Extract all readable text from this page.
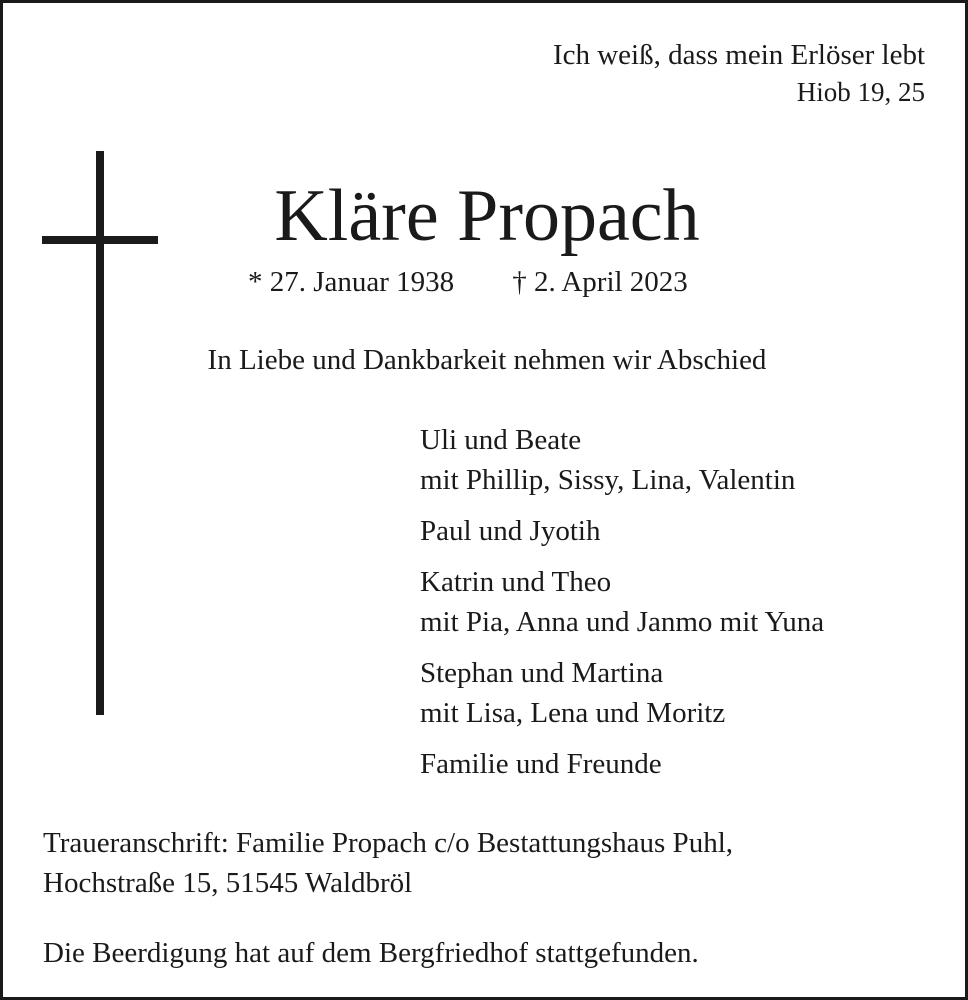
Ich weiß, dass mein Erlöser lebt
Hiob 19, 25
Kläre Propach
* 27. Januar 1938 † 2. April 2023
In Liebe und Dankbarkeit nehmen wir Abschied
Uli und Beate
mit Phillip, Sissy, Lina, Valentin
Paul und Jyotih
Katrin und Theo
mit Pia, Anna und Janmo mit Yuna
Stephan und Martina
mit Lisa, Lena und Moritz
Familie und Freunde
Traueranschrift: Familie Propach c/o Bestattungshaus Puhl,
Hochstraße 15, 51545 Waldbröl
Die Beerdigung hat auf dem Bergfriedhof stattgefunden.
